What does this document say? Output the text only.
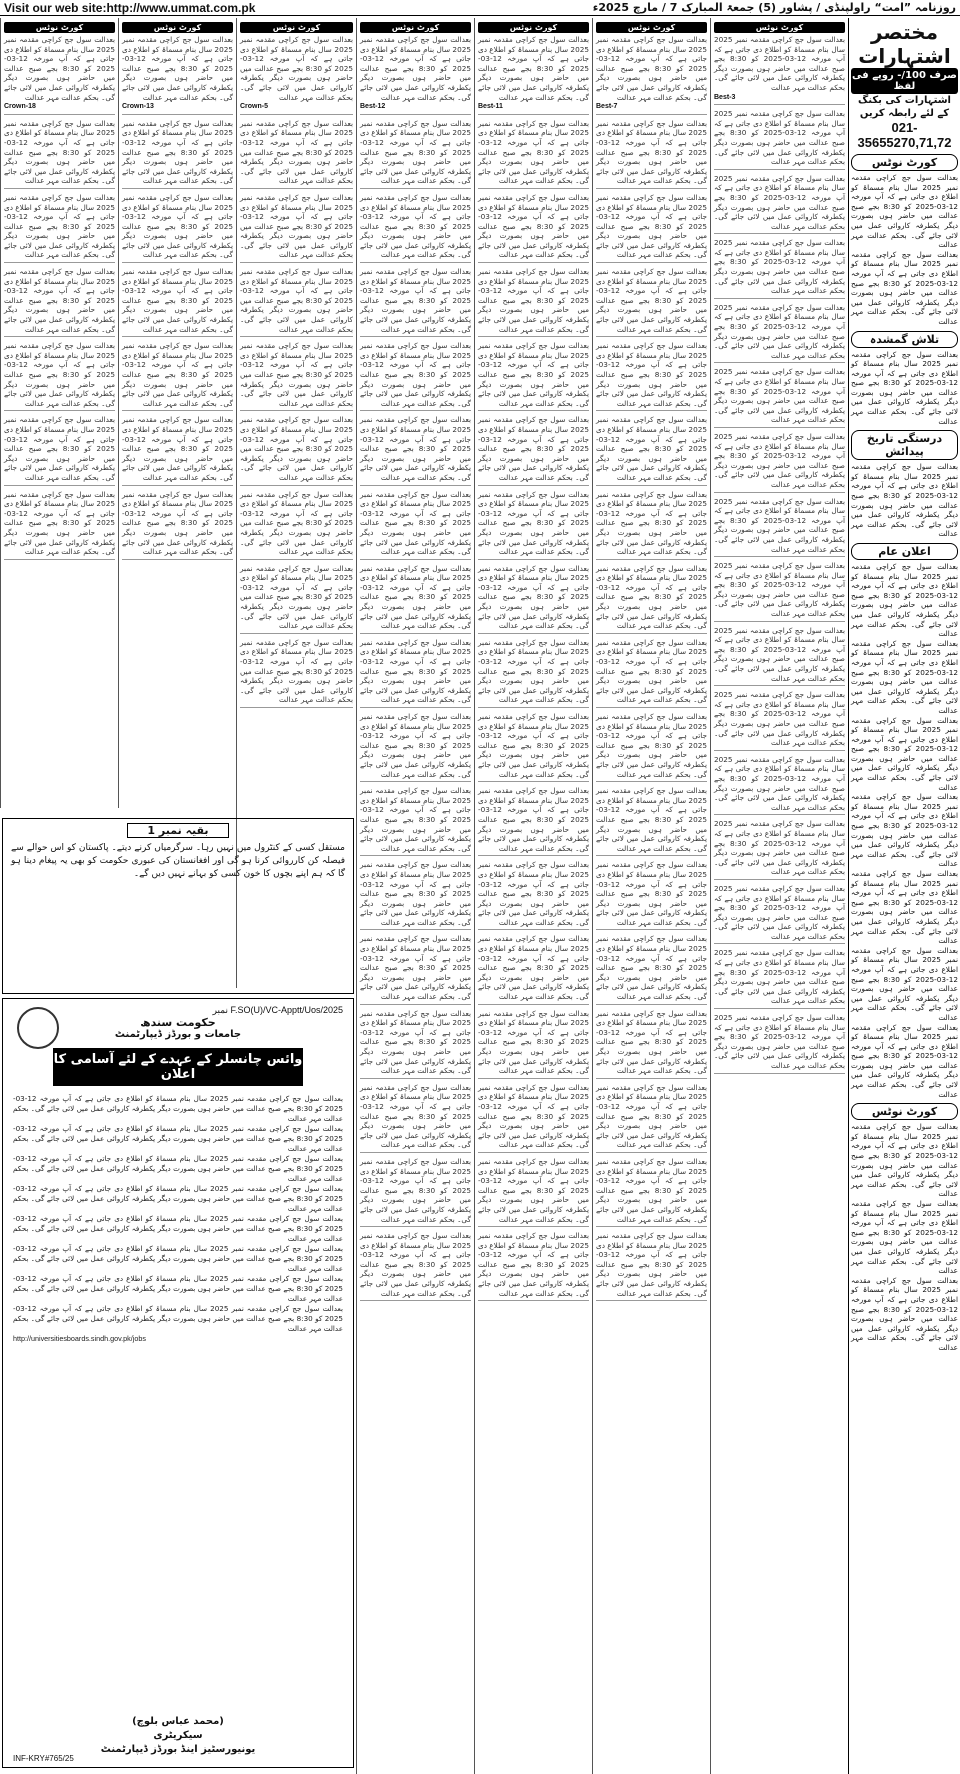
Visit our web site:http://www.ummat.com.pk	روزنامہ ”امت“ راولپنڈی / پشاور (5) جمعۃ المبارک 7 / مارچ 2025ء
کورٹ نوٹس
بعدالت سول جج کراچی مقدمہ نمبر 2025 سال بنام مسماۃ کو اطلاع دی جاتی ہے کہ آپ مورخہ 12-03-2025 کو 8:30 بجے صبح عدالت میں حاضر ہوں بصورت دیگر یکطرفہ کاروائی عمل میں لائی جائے گی۔ بحکم عدالت مہر عدالت
Crown-18
بعدالت سول جج کراچی مقدمہ نمبر 2025 سال بنام مسماۃ کو اطلاع دی جاتی ہے کہ آپ مورخہ 12-03-2025 کو 8:30 بجے صبح عدالت میں حاضر ہوں بصورت دیگر یکطرفہ کاروائی عمل میں لائی جائے گی۔ بحکم عدالت مہر عدالت
بعدالت سول جج کراچی مقدمہ نمبر 2025 سال بنام مسماۃ کو اطلاع دی جاتی ہے کہ آپ مورخہ 12-03-2025 کو 8:30 بجے صبح عدالت میں حاضر ہوں بصورت دیگر یکطرفہ کاروائی عمل میں لائی جائے گی۔ بحکم عدالت مہر عدالت
بعدالت سول جج کراچی مقدمہ نمبر 2025 سال بنام مسماۃ کو اطلاع دی جاتی ہے کہ آپ مورخہ 12-03-2025 کو 8:30 بجے صبح عدالت میں حاضر ہوں بصورت دیگر یکطرفہ کاروائی عمل میں لائی جائے گی۔ بحکم عدالت مہر عدالت
بعدالت سول جج کراچی مقدمہ نمبر 2025 سال بنام مسماۃ کو اطلاع دی جاتی ہے کہ آپ مورخہ 12-03-2025 کو 8:30 بجے صبح عدالت میں حاضر ہوں بصورت دیگر یکطرفہ کاروائی عمل میں لائی جائے گی۔ بحکم عدالت مہر عدالت
بعدالت سول جج کراچی مقدمہ نمبر 2025 سال بنام مسماۃ کو اطلاع دی جاتی ہے کہ آپ مورخہ 12-03-2025 کو 8:30 بجے صبح عدالت میں حاضر ہوں بصورت دیگر یکطرفہ کاروائی عمل میں لائی جائے گی۔ بحکم عدالت مہر عدالت
بعدالت سول جج کراچی مقدمہ نمبر 2025 سال بنام مسماۃ کو اطلاع دی جاتی ہے کہ آپ مورخہ 12-03-2025 کو 8:30 بجے صبح عدالت میں حاضر ہوں بصورت دیگر یکطرفہ کاروائی عمل میں لائی جائے گی۔ بحکم عدالت مہر عدالت
کورٹ نوٹس
بعدالت سول جج کراچی مقدمہ نمبر 2025 سال بنام مسماۃ کو اطلاع دی جاتی ہے کہ آپ مورخہ 12-03-2025 کو 8:30 بجے صبح عدالت میں حاضر ہوں بصورت دیگر یکطرفہ کاروائی عمل میں لائی جائے گی۔ بحکم عدالت مہر عدالت
Crown-13
بعدالت سول جج کراچی مقدمہ نمبر 2025 سال بنام مسماۃ کو اطلاع دی جاتی ہے کہ آپ مورخہ 12-03-2025 کو 8:30 بجے صبح عدالت میں حاضر ہوں بصورت دیگر یکطرفہ کاروائی عمل میں لائی جائے گی۔ بحکم عدالت مہر عدالت
بعدالت سول جج کراچی مقدمہ نمبر 2025 سال بنام مسماۃ کو اطلاع دی جاتی ہے کہ آپ مورخہ 12-03-2025 کو 8:30 بجے صبح عدالت میں حاضر ہوں بصورت دیگر یکطرفہ کاروائی عمل میں لائی جائے گی۔ بحکم عدالت مہر عدالت
بعدالت سول جج کراچی مقدمہ نمبر 2025 سال بنام مسماۃ کو اطلاع دی جاتی ہے کہ آپ مورخہ 12-03-2025 کو 8:30 بجے صبح عدالت میں حاضر ہوں بصورت دیگر یکطرفہ کاروائی عمل میں لائی جائے گی۔ بحکم عدالت مہر عدالت
بعدالت سول جج کراچی مقدمہ نمبر 2025 سال بنام مسماۃ کو اطلاع دی جاتی ہے کہ آپ مورخہ 12-03-2025 کو 8:30 بجے صبح عدالت میں حاضر ہوں بصورت دیگر یکطرفہ کاروائی عمل میں لائی جائے گی۔ بحکم عدالت مہر عدالت
بعدالت سول جج کراچی مقدمہ نمبر 2025 سال بنام مسماۃ کو اطلاع دی جاتی ہے کہ آپ مورخہ 12-03-2025 کو 8:30 بجے صبح عدالت میں حاضر ہوں بصورت دیگر یکطرفہ کاروائی عمل میں لائی جائے گی۔ بحکم عدالت مہر عدالت
بعدالت سول جج کراچی مقدمہ نمبر 2025 سال بنام مسماۃ کو اطلاع دی جاتی ہے کہ آپ مورخہ 12-03-2025 کو 8:30 بجے صبح عدالت میں حاضر ہوں بصورت دیگر یکطرفہ کاروائی عمل میں لائی جائے گی۔ بحکم عدالت مہر عدالت
کورٹ نوٹس
بعدالت سول جج کراچی مقدمہ نمبر 2025 سال بنام مسماۃ کو اطلاع دی جاتی ہے کہ آپ مورخہ 12-03-2025 کو 8:30 بجے صبح عدالت میں حاضر ہوں بصورت دیگر یکطرفہ کاروائی عمل میں لائی جائے گی۔ بحکم عدالت مہر عدالت
Crown-5
بعدالت سول جج کراچی مقدمہ نمبر 2025 سال بنام مسماۃ کو اطلاع دی جاتی ہے کہ آپ مورخہ 12-03-2025 کو 8:30 بجے صبح عدالت میں حاضر ہوں بصورت دیگر یکطرفہ کاروائی عمل میں لائی جائے گی۔ بحکم عدالت مہر عدالت
بعدالت سول جج کراچی مقدمہ نمبر 2025 سال بنام مسماۃ کو اطلاع دی جاتی ہے کہ آپ مورخہ 12-03-2025 کو 8:30 بجے صبح عدالت میں حاضر ہوں بصورت دیگر یکطرفہ کاروائی عمل میں لائی جائے گی۔ بحکم عدالت مہر عدالت
بعدالت سول جج کراچی مقدمہ نمبر 2025 سال بنام مسماۃ کو اطلاع دی جاتی ہے کہ آپ مورخہ 12-03-2025 کو 8:30 بجے صبح عدالت میں حاضر ہوں بصورت دیگر یکطرفہ کاروائی عمل میں لائی جائے گی۔ بحکم عدالت مہر عدالت
بعدالت سول جج کراچی مقدمہ نمبر 2025 سال بنام مسماۃ کو اطلاع دی جاتی ہے کہ آپ مورخہ 12-03-2025 کو 8:30 بجے صبح عدالت میں حاضر ہوں بصورت دیگر یکطرفہ کاروائی عمل میں لائی جائے گی۔ بحکم عدالت مہر عدالت
بعدالت سول جج کراچی مقدمہ نمبر 2025 سال بنام مسماۃ کو اطلاع دی جاتی ہے کہ آپ مورخہ 12-03-2025 کو 8:30 بجے صبح عدالت میں حاضر ہوں بصورت دیگر یکطرفہ کاروائی عمل میں لائی جائے گی۔ بحکم عدالت مہر عدالت
بعدالت سول جج کراچی مقدمہ نمبر 2025 سال بنام مسماۃ کو اطلاع دی جاتی ہے کہ آپ مورخہ 12-03-2025 کو 8:30 بجے صبح عدالت میں حاضر ہوں بصورت دیگر یکطرفہ کاروائی عمل میں لائی جائے گی۔ بحکم عدالت مہر عدالت
بعدالت سول جج کراچی مقدمہ نمبر 2025 سال بنام مسماۃ کو اطلاع دی جاتی ہے کہ آپ مورخہ 12-03-2025 کو 8:30 بجے صبح عدالت میں حاضر ہوں بصورت دیگر یکطرفہ کاروائی عمل میں لائی جائے گی۔ بحکم عدالت مہر عدالت
بعدالت سول جج کراچی مقدمہ نمبر 2025 سال بنام مسماۃ کو اطلاع دی جاتی ہے کہ آپ مورخہ 12-03-2025 کو 8:30 بجے صبح عدالت میں حاضر ہوں بصورت دیگر یکطرفہ کاروائی عمل میں لائی جائے گی۔ بحکم عدالت مہر عدالت
کورٹ نوٹس
بعدالت سول جج کراچی مقدمہ نمبر 2025 سال بنام مسماۃ کو اطلاع دی جاتی ہے کہ آپ مورخہ 12-03-2025 کو 8:30 بجے صبح عدالت میں حاضر ہوں بصورت دیگر یکطرفہ کاروائی عمل میں لائی جائے گی۔ بحکم عدالت مہر عدالت
Best-12
بعدالت سول جج کراچی مقدمہ نمبر 2025 سال بنام مسماۃ کو اطلاع دی جاتی ہے کہ آپ مورخہ 12-03-2025 کو 8:30 بجے صبح عدالت میں حاضر ہوں بصورت دیگر یکطرفہ کاروائی عمل میں لائی جائے گی۔ بحکم عدالت مہر عدالت
بعدالت سول جج کراچی مقدمہ نمبر 2025 سال بنام مسماۃ کو اطلاع دی جاتی ہے کہ آپ مورخہ 12-03-2025 کو 8:30 بجے صبح عدالت میں حاضر ہوں بصورت دیگر یکطرفہ کاروائی عمل میں لائی جائے گی۔ بحکم عدالت مہر عدالت
بعدالت سول جج کراچی مقدمہ نمبر 2025 سال بنام مسماۃ کو اطلاع دی جاتی ہے کہ آپ مورخہ 12-03-2025 کو 8:30 بجے صبح عدالت میں حاضر ہوں بصورت دیگر یکطرفہ کاروائی عمل میں لائی جائے گی۔ بحکم عدالت مہر عدالت
بعدالت سول جج کراچی مقدمہ نمبر 2025 سال بنام مسماۃ کو اطلاع دی جاتی ہے کہ آپ مورخہ 12-03-2025 کو 8:30 بجے صبح عدالت میں حاضر ہوں بصورت دیگر یکطرفہ کاروائی عمل میں لائی جائے گی۔ بحکم عدالت مہر عدالت
بعدالت سول جج کراچی مقدمہ نمبر 2025 سال بنام مسماۃ کو اطلاع دی جاتی ہے کہ آپ مورخہ 12-03-2025 کو 8:30 بجے صبح عدالت میں حاضر ہوں بصورت دیگر یکطرفہ کاروائی عمل میں لائی جائے گی۔ بحکم عدالت مہر عدالت
بعدالت سول جج کراچی مقدمہ نمبر 2025 سال بنام مسماۃ کو اطلاع دی جاتی ہے کہ آپ مورخہ 12-03-2025 کو 8:30 بجے صبح عدالت میں حاضر ہوں بصورت دیگر یکطرفہ کاروائی عمل میں لائی جائے گی۔ بحکم عدالت مہر عدالت
بعدالت سول جج کراچی مقدمہ نمبر 2025 سال بنام مسماۃ کو اطلاع دی جاتی ہے کہ آپ مورخہ 12-03-2025 کو 8:30 بجے صبح عدالت میں حاضر ہوں بصورت دیگر یکطرفہ کاروائی عمل میں لائی جائے گی۔ بحکم عدالت مہر عدالت
بعدالت سول جج کراچی مقدمہ نمبر 2025 سال بنام مسماۃ کو اطلاع دی جاتی ہے کہ آپ مورخہ 12-03-2025 کو 8:30 بجے صبح عدالت میں حاضر ہوں بصورت دیگر یکطرفہ کاروائی عمل میں لائی جائے گی۔ بحکم عدالت مہر عدالت
بعدالت سول جج کراچی مقدمہ نمبر 2025 سال بنام مسماۃ کو اطلاع دی جاتی ہے کہ آپ مورخہ 12-03-2025 کو 8:30 بجے صبح عدالت میں حاضر ہوں بصورت دیگر یکطرفہ کاروائی عمل میں لائی جائے گی۔ بحکم عدالت مہر عدالت
بعدالت سول جج کراچی مقدمہ نمبر 2025 سال بنام مسماۃ کو اطلاع دی جاتی ہے کہ آپ مورخہ 12-03-2025 کو 8:30 بجے صبح عدالت میں حاضر ہوں بصورت دیگر یکطرفہ کاروائی عمل میں لائی جائے گی۔ بحکم عدالت مہر عدالت
بعدالت سول جج کراچی مقدمہ نمبر 2025 سال بنام مسماۃ کو اطلاع دی جاتی ہے کہ آپ مورخہ 12-03-2025 کو 8:30 بجے صبح عدالت میں حاضر ہوں بصورت دیگر یکطرفہ کاروائی عمل میں لائی جائے گی۔ بحکم عدالت مہر عدالت
بعدالت سول جج کراچی مقدمہ نمبر 2025 سال بنام مسماۃ کو اطلاع دی جاتی ہے کہ آپ مورخہ 12-03-2025 کو 8:30 بجے صبح عدالت میں حاضر ہوں بصورت دیگر یکطرفہ کاروائی عمل میں لائی جائے گی۔ بحکم عدالت مہر عدالت
بعدالت سول جج کراچی مقدمہ نمبر 2025 سال بنام مسماۃ کو اطلاع دی جاتی ہے کہ آپ مورخہ 12-03-2025 کو 8:30 بجے صبح عدالت میں حاضر ہوں بصورت دیگر یکطرفہ کاروائی عمل میں لائی جائے گی۔ بحکم عدالت مہر عدالت
بعدالت سول جج کراچی مقدمہ نمبر 2025 سال بنام مسماۃ کو اطلاع دی جاتی ہے کہ آپ مورخہ 12-03-2025 کو 8:30 بجے صبح عدالت میں حاضر ہوں بصورت دیگر یکطرفہ کاروائی عمل میں لائی جائے گی۔ بحکم عدالت مہر عدالت
بعدالت سول جج کراچی مقدمہ نمبر 2025 سال بنام مسماۃ کو اطلاع دی جاتی ہے کہ آپ مورخہ 12-03-2025 کو 8:30 بجے صبح عدالت میں حاضر ہوں بصورت دیگر یکطرفہ کاروائی عمل میں لائی جائے گی۔ بحکم عدالت مہر عدالت
بعدالت سول جج کراچی مقدمہ نمبر 2025 سال بنام مسماۃ کو اطلاع دی جاتی ہے کہ آپ مورخہ 12-03-2025 کو 8:30 بجے صبح عدالت میں حاضر ہوں بصورت دیگر یکطرفہ کاروائی عمل میں لائی جائے گی۔ بحکم عدالت مہر عدالت
کورٹ نوٹس
بعدالت سول جج کراچی مقدمہ نمبر 2025 سال بنام مسماۃ کو اطلاع دی جاتی ہے کہ آپ مورخہ 12-03-2025 کو 8:30 بجے صبح عدالت میں حاضر ہوں بصورت دیگر یکطرفہ کاروائی عمل میں لائی جائے گی۔ بحکم عدالت مہر عدالت
Best-11
بعدالت سول جج کراچی مقدمہ نمبر 2025 سال بنام مسماۃ کو اطلاع دی جاتی ہے کہ آپ مورخہ 12-03-2025 کو 8:30 بجے صبح عدالت میں حاضر ہوں بصورت دیگر یکطرفہ کاروائی عمل میں لائی جائے گی۔ بحکم عدالت مہر عدالت
بعدالت سول جج کراچی مقدمہ نمبر 2025 سال بنام مسماۃ کو اطلاع دی جاتی ہے کہ آپ مورخہ 12-03-2025 کو 8:30 بجے صبح عدالت میں حاضر ہوں بصورت دیگر یکطرفہ کاروائی عمل میں لائی جائے گی۔ بحکم عدالت مہر عدالت
بعدالت سول جج کراچی مقدمہ نمبر 2025 سال بنام مسماۃ کو اطلاع دی جاتی ہے کہ آپ مورخہ 12-03-2025 کو 8:30 بجے صبح عدالت میں حاضر ہوں بصورت دیگر یکطرفہ کاروائی عمل میں لائی جائے گی۔ بحکم عدالت مہر عدالت
بعدالت سول جج کراچی مقدمہ نمبر 2025 سال بنام مسماۃ کو اطلاع دی جاتی ہے کہ آپ مورخہ 12-03-2025 کو 8:30 بجے صبح عدالت میں حاضر ہوں بصورت دیگر یکطرفہ کاروائی عمل میں لائی جائے گی۔ بحکم عدالت مہر عدالت
بعدالت سول جج کراچی مقدمہ نمبر 2025 سال بنام مسماۃ کو اطلاع دی جاتی ہے کہ آپ مورخہ 12-03-2025 کو 8:30 بجے صبح عدالت میں حاضر ہوں بصورت دیگر یکطرفہ کاروائی عمل میں لائی جائے گی۔ بحکم عدالت مہر عدالت
بعدالت سول جج کراچی مقدمہ نمبر 2025 سال بنام مسماۃ کو اطلاع دی جاتی ہے کہ آپ مورخہ 12-03-2025 کو 8:30 بجے صبح عدالت میں حاضر ہوں بصورت دیگر یکطرفہ کاروائی عمل میں لائی جائے گی۔ بحکم عدالت مہر عدالت
بعدالت سول جج کراچی مقدمہ نمبر 2025 سال بنام مسماۃ کو اطلاع دی جاتی ہے کہ آپ مورخہ 12-03-2025 کو 8:30 بجے صبح عدالت میں حاضر ہوں بصورت دیگر یکطرفہ کاروائی عمل میں لائی جائے گی۔ بحکم عدالت مہر عدالت
بعدالت سول جج کراچی مقدمہ نمبر 2025 سال بنام مسماۃ کو اطلاع دی جاتی ہے کہ آپ مورخہ 12-03-2025 کو 8:30 بجے صبح عدالت میں حاضر ہوں بصورت دیگر یکطرفہ کاروائی عمل میں لائی جائے گی۔ بحکم عدالت مہر عدالت
بعدالت سول جج کراچی مقدمہ نمبر 2025 سال بنام مسماۃ کو اطلاع دی جاتی ہے کہ آپ مورخہ 12-03-2025 کو 8:30 بجے صبح عدالت میں حاضر ہوں بصورت دیگر یکطرفہ کاروائی عمل میں لائی جائے گی۔ بحکم عدالت مہر عدالت
بعدالت سول جج کراچی مقدمہ نمبر 2025 سال بنام مسماۃ کو اطلاع دی جاتی ہے کہ آپ مورخہ 12-03-2025 کو 8:30 بجے صبح عدالت میں حاضر ہوں بصورت دیگر یکطرفہ کاروائی عمل میں لائی جائے گی۔ بحکم عدالت مہر عدالت
بعدالت سول جج کراچی مقدمہ نمبر 2025 سال بنام مسماۃ کو اطلاع دی جاتی ہے کہ آپ مورخہ 12-03-2025 کو 8:30 بجے صبح عدالت میں حاضر ہوں بصورت دیگر یکطرفہ کاروائی عمل میں لائی جائے گی۔ بحکم عدالت مہر عدالت
بعدالت سول جج کراچی مقدمہ نمبر 2025 سال بنام مسماۃ کو اطلاع دی جاتی ہے کہ آپ مورخہ 12-03-2025 کو 8:30 بجے صبح عدالت میں حاضر ہوں بصورت دیگر یکطرفہ کاروائی عمل میں لائی جائے گی۔ بحکم عدالت مہر عدالت
بعدالت سول جج کراچی مقدمہ نمبر 2025 سال بنام مسماۃ کو اطلاع دی جاتی ہے کہ آپ مورخہ 12-03-2025 کو 8:30 بجے صبح عدالت میں حاضر ہوں بصورت دیگر یکطرفہ کاروائی عمل میں لائی جائے گی۔ بحکم عدالت مہر عدالت
بعدالت سول جج کراچی مقدمہ نمبر 2025 سال بنام مسماۃ کو اطلاع دی جاتی ہے کہ آپ مورخہ 12-03-2025 کو 8:30 بجے صبح عدالت میں حاضر ہوں بصورت دیگر یکطرفہ کاروائی عمل میں لائی جائے گی۔ بحکم عدالت مہر عدالت
بعدالت سول جج کراچی مقدمہ نمبر 2025 سال بنام مسماۃ کو اطلاع دی جاتی ہے کہ آپ مورخہ 12-03-2025 کو 8:30 بجے صبح عدالت میں حاضر ہوں بصورت دیگر یکطرفہ کاروائی عمل میں لائی جائے گی۔ بحکم عدالت مہر عدالت
بعدالت سول جج کراچی مقدمہ نمبر 2025 سال بنام مسماۃ کو اطلاع دی جاتی ہے کہ آپ مورخہ 12-03-2025 کو 8:30 بجے صبح عدالت میں حاضر ہوں بصورت دیگر یکطرفہ کاروائی عمل میں لائی جائے گی۔ بحکم عدالت مہر عدالت
کورٹ نوٹس
بعدالت سول جج کراچی مقدمہ نمبر 2025 سال بنام مسماۃ کو اطلاع دی جاتی ہے کہ آپ مورخہ 12-03-2025 کو 8:30 بجے صبح عدالت میں حاضر ہوں بصورت دیگر یکطرفہ کاروائی عمل میں لائی جائے گی۔ بحکم عدالت مہر عدالت
Best-7
بعدالت سول جج کراچی مقدمہ نمبر 2025 سال بنام مسماۃ کو اطلاع دی جاتی ہے کہ آپ مورخہ 12-03-2025 کو 8:30 بجے صبح عدالت میں حاضر ہوں بصورت دیگر یکطرفہ کاروائی عمل میں لائی جائے گی۔ بحکم عدالت مہر عدالت
بعدالت سول جج کراچی مقدمہ نمبر 2025 سال بنام مسماۃ کو اطلاع دی جاتی ہے کہ آپ مورخہ 12-03-2025 کو 8:30 بجے صبح عدالت میں حاضر ہوں بصورت دیگر یکطرفہ کاروائی عمل میں لائی جائے گی۔ بحکم عدالت مہر عدالت
بعدالت سول جج کراچی مقدمہ نمبر 2025 سال بنام مسماۃ کو اطلاع دی جاتی ہے کہ آپ مورخہ 12-03-2025 کو 8:30 بجے صبح عدالت میں حاضر ہوں بصورت دیگر یکطرفہ کاروائی عمل میں لائی جائے گی۔ بحکم عدالت مہر عدالت
بعدالت سول جج کراچی مقدمہ نمبر 2025 سال بنام مسماۃ کو اطلاع دی جاتی ہے کہ آپ مورخہ 12-03-2025 کو 8:30 بجے صبح عدالت میں حاضر ہوں بصورت دیگر یکطرفہ کاروائی عمل میں لائی جائے گی۔ بحکم عدالت مہر عدالت
بعدالت سول جج کراچی مقدمہ نمبر 2025 سال بنام مسماۃ کو اطلاع دی جاتی ہے کہ آپ مورخہ 12-03-2025 کو 8:30 بجے صبح عدالت میں حاضر ہوں بصورت دیگر یکطرفہ کاروائی عمل میں لائی جائے گی۔ بحکم عدالت مہر عدالت
بعدالت سول جج کراچی مقدمہ نمبر 2025 سال بنام مسماۃ کو اطلاع دی جاتی ہے کہ آپ مورخہ 12-03-2025 کو 8:30 بجے صبح عدالت میں حاضر ہوں بصورت دیگر یکطرفہ کاروائی عمل میں لائی جائے گی۔ بحکم عدالت مہر عدالت
بعدالت سول جج کراچی مقدمہ نمبر 2025 سال بنام مسماۃ کو اطلاع دی جاتی ہے کہ آپ مورخہ 12-03-2025 کو 8:30 بجے صبح عدالت میں حاضر ہوں بصورت دیگر یکطرفہ کاروائی عمل میں لائی جائے گی۔ بحکم عدالت مہر عدالت
بعدالت سول جج کراچی مقدمہ نمبر 2025 سال بنام مسماۃ کو اطلاع دی جاتی ہے کہ آپ مورخہ 12-03-2025 کو 8:30 بجے صبح عدالت میں حاضر ہوں بصورت دیگر یکطرفہ کاروائی عمل میں لائی جائے گی۔ بحکم عدالت مہر عدالت
بعدالت سول جج کراچی مقدمہ نمبر 2025 سال بنام مسماۃ کو اطلاع دی جاتی ہے کہ آپ مورخہ 12-03-2025 کو 8:30 بجے صبح عدالت میں حاضر ہوں بصورت دیگر یکطرفہ کاروائی عمل میں لائی جائے گی۔ بحکم عدالت مہر عدالت
بعدالت سول جج کراچی مقدمہ نمبر 2025 سال بنام مسماۃ کو اطلاع دی جاتی ہے کہ آپ مورخہ 12-03-2025 کو 8:30 بجے صبح عدالت میں حاضر ہوں بصورت دیگر یکطرفہ کاروائی عمل میں لائی جائے گی۔ بحکم عدالت مہر عدالت
بعدالت سول جج کراچی مقدمہ نمبر 2025 سال بنام مسماۃ کو اطلاع دی جاتی ہے کہ آپ مورخہ 12-03-2025 کو 8:30 بجے صبح عدالت میں حاضر ہوں بصورت دیگر یکطرفہ کاروائی عمل میں لائی جائے گی۔ بحکم عدالت مہر عدالت
بعدالت سول جج کراچی مقدمہ نمبر 2025 سال بنام مسماۃ کو اطلاع دی جاتی ہے کہ آپ مورخہ 12-03-2025 کو 8:30 بجے صبح عدالت میں حاضر ہوں بصورت دیگر یکطرفہ کاروائی عمل میں لائی جائے گی۔ بحکم عدالت مہر عدالت
بعدالت سول جج کراچی مقدمہ نمبر 2025 سال بنام مسماۃ کو اطلاع دی جاتی ہے کہ آپ مورخہ 12-03-2025 کو 8:30 بجے صبح عدالت میں حاضر ہوں بصورت دیگر یکطرفہ کاروائی عمل میں لائی جائے گی۔ بحکم عدالت مہر عدالت
بعدالت سول جج کراچی مقدمہ نمبر 2025 سال بنام مسماۃ کو اطلاع دی جاتی ہے کہ آپ مورخہ 12-03-2025 کو 8:30 بجے صبح عدالت میں حاضر ہوں بصورت دیگر یکطرفہ کاروائی عمل میں لائی جائے گی۔ بحکم عدالت مہر عدالت
بعدالت سول جج کراچی مقدمہ نمبر 2025 سال بنام مسماۃ کو اطلاع دی جاتی ہے کہ آپ مورخہ 12-03-2025 کو 8:30 بجے صبح عدالت میں حاضر ہوں بصورت دیگر یکطرفہ کاروائی عمل میں لائی جائے گی۔ بحکم عدالت مہر عدالت
بعدالت سول جج کراچی مقدمہ نمبر 2025 سال بنام مسماۃ کو اطلاع دی جاتی ہے کہ آپ مورخہ 12-03-2025 کو 8:30 بجے صبح عدالت میں حاضر ہوں بصورت دیگر یکطرفہ کاروائی عمل میں لائی جائے گی۔ بحکم عدالت مہر عدالت
کورٹ نوٹس
بعدالت سول جج کراچی مقدمہ نمبر 2025 سال بنام مسماۃ کو اطلاع دی جاتی ہے کہ آپ مورخہ 12-03-2025 کو 8:30 بجے صبح عدالت میں حاضر ہوں بصورت دیگر یکطرفہ کاروائی عمل میں لائی جائے گی۔ بحکم عدالت مہر عدالت
Best-3
بعدالت سول جج کراچی مقدمہ نمبر 2025 سال بنام مسماۃ کو اطلاع دی جاتی ہے کہ آپ مورخہ 12-03-2025 کو 8:30 بجے صبح عدالت میں حاضر ہوں بصورت دیگر یکطرفہ کاروائی عمل میں لائی جائے گی۔ بحکم عدالت مہر عدالت
بعدالت سول جج کراچی مقدمہ نمبر 2025 سال بنام مسماۃ کو اطلاع دی جاتی ہے کہ آپ مورخہ 12-03-2025 کو 8:30 بجے صبح عدالت میں حاضر ہوں بصورت دیگر یکطرفہ کاروائی عمل میں لائی جائے گی۔ بحکم عدالت مہر عدالت
بعدالت سول جج کراچی مقدمہ نمبر 2025 سال بنام مسماۃ کو اطلاع دی جاتی ہے کہ آپ مورخہ 12-03-2025 کو 8:30 بجے صبح عدالت میں حاضر ہوں بصورت دیگر یکطرفہ کاروائی عمل میں لائی جائے گی۔ بحکم عدالت مہر عدالت
بعدالت سول جج کراچی مقدمہ نمبر 2025 سال بنام مسماۃ کو اطلاع دی جاتی ہے کہ آپ مورخہ 12-03-2025 کو 8:30 بجے صبح عدالت میں حاضر ہوں بصورت دیگر یکطرفہ کاروائی عمل میں لائی جائے گی۔ بحکم عدالت مہر عدالت
بعدالت سول جج کراچی مقدمہ نمبر 2025 سال بنام مسماۃ کو اطلاع دی جاتی ہے کہ آپ مورخہ 12-03-2025 کو 8:30 بجے صبح عدالت میں حاضر ہوں بصورت دیگر یکطرفہ کاروائی عمل میں لائی جائے گی۔ بحکم عدالت مہر عدالت
بعدالت سول جج کراچی مقدمہ نمبر 2025 سال بنام مسماۃ کو اطلاع دی جاتی ہے کہ آپ مورخہ 12-03-2025 کو 8:30 بجے صبح عدالت میں حاضر ہوں بصورت دیگر یکطرفہ کاروائی عمل میں لائی جائے گی۔ بحکم عدالت مہر عدالت
بعدالت سول جج کراچی مقدمہ نمبر 2025 سال بنام مسماۃ کو اطلاع دی جاتی ہے کہ آپ مورخہ 12-03-2025 کو 8:30 بجے صبح عدالت میں حاضر ہوں بصورت دیگر یکطرفہ کاروائی عمل میں لائی جائے گی۔ بحکم عدالت مہر عدالت
بعدالت سول جج کراچی مقدمہ نمبر 2025 سال بنام مسماۃ کو اطلاع دی جاتی ہے کہ آپ مورخہ 12-03-2025 کو 8:30 بجے صبح عدالت میں حاضر ہوں بصورت دیگر یکطرفہ کاروائی عمل میں لائی جائے گی۔ بحکم عدالت مہر عدالت
بعدالت سول جج کراچی مقدمہ نمبر 2025 سال بنام مسماۃ کو اطلاع دی جاتی ہے کہ آپ مورخہ 12-03-2025 کو 8:30 بجے صبح عدالت میں حاضر ہوں بصورت دیگر یکطرفہ کاروائی عمل میں لائی جائے گی۔ بحکم عدالت مہر عدالت
بعدالت سول جج کراچی مقدمہ نمبر 2025 سال بنام مسماۃ کو اطلاع دی جاتی ہے کہ آپ مورخہ 12-03-2025 کو 8:30 بجے صبح عدالت میں حاضر ہوں بصورت دیگر یکطرفہ کاروائی عمل میں لائی جائے گی۔ بحکم عدالت مہر عدالت
بعدالت سول جج کراچی مقدمہ نمبر 2025 سال بنام مسماۃ کو اطلاع دی جاتی ہے کہ آپ مورخہ 12-03-2025 کو 8:30 بجے صبح عدالت میں حاضر ہوں بصورت دیگر یکطرفہ کاروائی عمل میں لائی جائے گی۔ بحکم عدالت مہر عدالت
بعدالت سول جج کراچی مقدمہ نمبر 2025 سال بنام مسماۃ کو اطلاع دی جاتی ہے کہ آپ مورخہ 12-03-2025 کو 8:30 بجے صبح عدالت میں حاضر ہوں بصورت دیگر یکطرفہ کاروائی عمل میں لائی جائے گی۔ بحکم عدالت مہر عدالت
بعدالت سول جج کراچی مقدمہ نمبر 2025 سال بنام مسماۃ کو اطلاع دی جاتی ہے کہ آپ مورخہ 12-03-2025 کو 8:30 بجے صبح عدالت میں حاضر ہوں بصورت دیگر یکطرفہ کاروائی عمل میں لائی جائے گی۔ بحکم عدالت مہر عدالت
بعدالت سول جج کراچی مقدمہ نمبر 2025 سال بنام مسماۃ کو اطلاع دی جاتی ہے کہ آپ مورخہ 12-03-2025 کو 8:30 بجے صبح عدالت میں حاضر ہوں بصورت دیگر یکطرفہ کاروائی عمل میں لائی جائے گی۔ بحکم عدالت مہر عدالت
بعدالت سول جج کراچی مقدمہ نمبر 2025 سال بنام مسماۃ کو اطلاع دی جاتی ہے کہ آپ مورخہ 12-03-2025 کو 8:30 بجے صبح عدالت میں حاضر ہوں بصورت دیگر یکطرفہ کاروائی عمل میں لائی جائے گی۔ بحکم عدالت مہر عدالت
مختصر اشتہارات
صرف 100/- روپے فی لفظ
اشتہارات کی بکنگ کے لئے رابطہ کریں
021-35655270,71,72
کورٹ نوٹس
بعدالت سول جج کراچی مقدمہ نمبر 2025 سال بنام مسماۃ کو اطلاع دی جاتی ہے کہ آپ مورخہ 12-03-2025 کو 8:30 بجے صبح عدالت میں حاضر ہوں بصورت دیگر یکطرفہ کاروائی عمل میں لائی جائے گی۔ بحکم عدالت مہر عدالت
بعدالت سول جج کراچی مقدمہ نمبر 2025 سال بنام مسماۃ کو اطلاع دی جاتی ہے کہ آپ مورخہ 12-03-2025 کو 8:30 بجے صبح عدالت میں حاضر ہوں بصورت دیگر یکطرفہ کاروائی عمل میں لائی جائے گی۔ بحکم عدالت مہر عدالت
تلاش گمشدہ
بعدالت سول جج کراچی مقدمہ نمبر 2025 سال بنام مسماۃ کو اطلاع دی جاتی ہے کہ آپ مورخہ 12-03-2025 کو 8:30 بجے صبح عدالت میں حاضر ہوں بصورت دیگر یکطرفہ کاروائی عمل میں لائی جائے گی۔ بحکم عدالت مہر عدالت
درستگی تاریخ پیدائش
بعدالت سول جج کراچی مقدمہ نمبر 2025 سال بنام مسماۃ کو اطلاع دی جاتی ہے کہ آپ مورخہ 12-03-2025 کو 8:30 بجے صبح عدالت میں حاضر ہوں بصورت دیگر یکطرفہ کاروائی عمل میں لائی جائے گی۔ بحکم عدالت مہر عدالت
اعلان عام
بعدالت سول جج کراچی مقدمہ نمبر 2025 سال بنام مسماۃ کو اطلاع دی جاتی ہے کہ آپ مورخہ 12-03-2025 کو 8:30 بجے صبح عدالت میں حاضر ہوں بصورت دیگر یکطرفہ کاروائی عمل میں لائی جائے گی۔ بحکم عدالت مہر عدالت
بعدالت سول جج کراچی مقدمہ نمبر 2025 سال بنام مسماۃ کو اطلاع دی جاتی ہے کہ آپ مورخہ 12-03-2025 کو 8:30 بجے صبح عدالت میں حاضر ہوں بصورت دیگر یکطرفہ کاروائی عمل میں لائی جائے گی۔ بحکم عدالت مہر عدالت
بعدالت سول جج کراچی مقدمہ نمبر 2025 سال بنام مسماۃ کو اطلاع دی جاتی ہے کہ آپ مورخہ 12-03-2025 کو 8:30 بجے صبح عدالت میں حاضر ہوں بصورت دیگر یکطرفہ کاروائی عمل میں لائی جائے گی۔ بحکم عدالت مہر عدالت
بعدالت سول جج کراچی مقدمہ نمبر 2025 سال بنام مسماۃ کو اطلاع دی جاتی ہے کہ آپ مورخہ 12-03-2025 کو 8:30 بجے صبح عدالت میں حاضر ہوں بصورت دیگر یکطرفہ کاروائی عمل میں لائی جائے گی۔ بحکم عدالت مہر عدالت
بعدالت سول جج کراچی مقدمہ نمبر 2025 سال بنام مسماۃ کو اطلاع دی جاتی ہے کہ آپ مورخہ 12-03-2025 کو 8:30 بجے صبح عدالت میں حاضر ہوں بصورت دیگر یکطرفہ کاروائی عمل میں لائی جائے گی۔ بحکم عدالت مہر عدالت
بعدالت سول جج کراچی مقدمہ نمبر 2025 سال بنام مسماۃ کو اطلاع دی جاتی ہے کہ آپ مورخہ 12-03-2025 کو 8:30 بجے صبح عدالت میں حاضر ہوں بصورت دیگر یکطرفہ کاروائی عمل میں لائی جائے گی۔ بحکم عدالت مہر عدالت
بعدالت سول جج کراچی مقدمہ نمبر 2025 سال بنام مسماۃ کو اطلاع دی جاتی ہے کہ آپ مورخہ 12-03-2025 کو 8:30 بجے صبح عدالت میں حاضر ہوں بصورت دیگر یکطرفہ کاروائی عمل میں لائی جائے گی۔ بحکم عدالت مہر عدالت
کورٹ نوٹس
بعدالت سول جج کراچی مقدمہ نمبر 2025 سال بنام مسماۃ کو اطلاع دی جاتی ہے کہ آپ مورخہ 12-03-2025 کو 8:30 بجے صبح عدالت میں حاضر ہوں بصورت دیگر یکطرفہ کاروائی عمل میں لائی جائے گی۔ بحکم عدالت مہر عدالت
بعدالت سول جج کراچی مقدمہ نمبر 2025 سال بنام مسماۃ کو اطلاع دی جاتی ہے کہ آپ مورخہ 12-03-2025 کو 8:30 بجے صبح عدالت میں حاضر ہوں بصورت دیگر یکطرفہ کاروائی عمل میں لائی جائے گی۔ بحکم عدالت مہر عدالت
بعدالت سول جج کراچی مقدمہ نمبر 2025 سال بنام مسماۃ کو اطلاع دی جاتی ہے کہ آپ مورخہ 12-03-2025 کو 8:30 بجے صبح عدالت میں حاضر ہوں بصورت دیگر یکطرفہ کاروائی عمل میں لائی جائے گی۔ بحکم عدالت مہر عدالت
بقیہ نمبر 1
مستقل کسی کے کنٹرول میں نہیں رہا۔ سرگرمیاں کرنے دیتے۔ پاکستان کو اس حوالے سے فیصلہ کن کارروائی کرنا ہو گی اور افغانستان کی عبوری حکومت کو بھی یہ پیغام دینا ہو گا کہ ہم اپنے بچوں کا خون کسی کو بہانے نہیں دیں گے۔
نمبر F.SO(U)/VC-Apptt/Uos/2025
حکومت سندھ
جامعات و بورڈز ڈیپارٹمنٹ
وائس چانسلر کے عہدے کے لئے آسامی کا اعلان
بعدالت سول جج کراچی مقدمہ نمبر 2025 سال بنام مسماۃ کو اطلاع دی جاتی ہے کہ آپ مورخہ 12-03-2025 کو 8:30 بجے صبح عدالت میں حاضر ہوں بصورت دیگر یکطرفہ کاروائی عمل میں لائی جائے گی۔ بحکم عدالت مہر عدالت
بعدالت سول جج کراچی مقدمہ نمبر 2025 سال بنام مسماۃ کو اطلاع دی جاتی ہے کہ آپ مورخہ 12-03-2025 کو 8:30 بجے صبح عدالت میں حاضر ہوں بصورت دیگر یکطرفہ کاروائی عمل میں لائی جائے گی۔ بحکم عدالت مہر عدالت
بعدالت سول جج کراچی مقدمہ نمبر 2025 سال بنام مسماۃ کو اطلاع دی جاتی ہے کہ آپ مورخہ 12-03-2025 کو 8:30 بجے صبح عدالت میں حاضر ہوں بصورت دیگر یکطرفہ کاروائی عمل میں لائی جائے گی۔ بحکم عدالت مہر عدالت
بعدالت سول جج کراچی مقدمہ نمبر 2025 سال بنام مسماۃ کو اطلاع دی جاتی ہے کہ آپ مورخہ 12-03-2025 کو 8:30 بجے صبح عدالت میں حاضر ہوں بصورت دیگر یکطرفہ کاروائی عمل میں لائی جائے گی۔ بحکم عدالت مہر عدالت
بعدالت سول جج کراچی مقدمہ نمبر 2025 سال بنام مسماۃ کو اطلاع دی جاتی ہے کہ آپ مورخہ 12-03-2025 کو 8:30 بجے صبح عدالت میں حاضر ہوں بصورت دیگر یکطرفہ کاروائی عمل میں لائی جائے گی۔ بحکم عدالت مہر عدالت
بعدالت سول جج کراچی مقدمہ نمبر 2025 سال بنام مسماۃ کو اطلاع دی جاتی ہے کہ آپ مورخہ 12-03-2025 کو 8:30 بجے صبح عدالت میں حاضر ہوں بصورت دیگر یکطرفہ کاروائی عمل میں لائی جائے گی۔ بحکم عدالت مہر عدالت
بعدالت سول جج کراچی مقدمہ نمبر 2025 سال بنام مسماۃ کو اطلاع دی جاتی ہے کہ آپ مورخہ 12-03-2025 کو 8:30 بجے صبح عدالت میں حاضر ہوں بصورت دیگر یکطرفہ کاروائی عمل میں لائی جائے گی۔ بحکم عدالت مہر عدالت
بعدالت سول جج کراچی مقدمہ نمبر 2025 سال بنام مسماۃ کو اطلاع دی جاتی ہے کہ آپ مورخہ 12-03-2025 کو 8:30 بجے صبح عدالت میں حاضر ہوں بصورت دیگر یکطرفہ کاروائی عمل میں لائی جائے گی۔ بحکم عدالت مہر عدالت
http://universitiesboards.sindh.gov.pk/jobs
(محمد عباس بلوچ)
سیکریٹری
یونیورسٹیز اینڈ بورڈز ڈیپارٹمنٹ
INF-KRY#765/25
